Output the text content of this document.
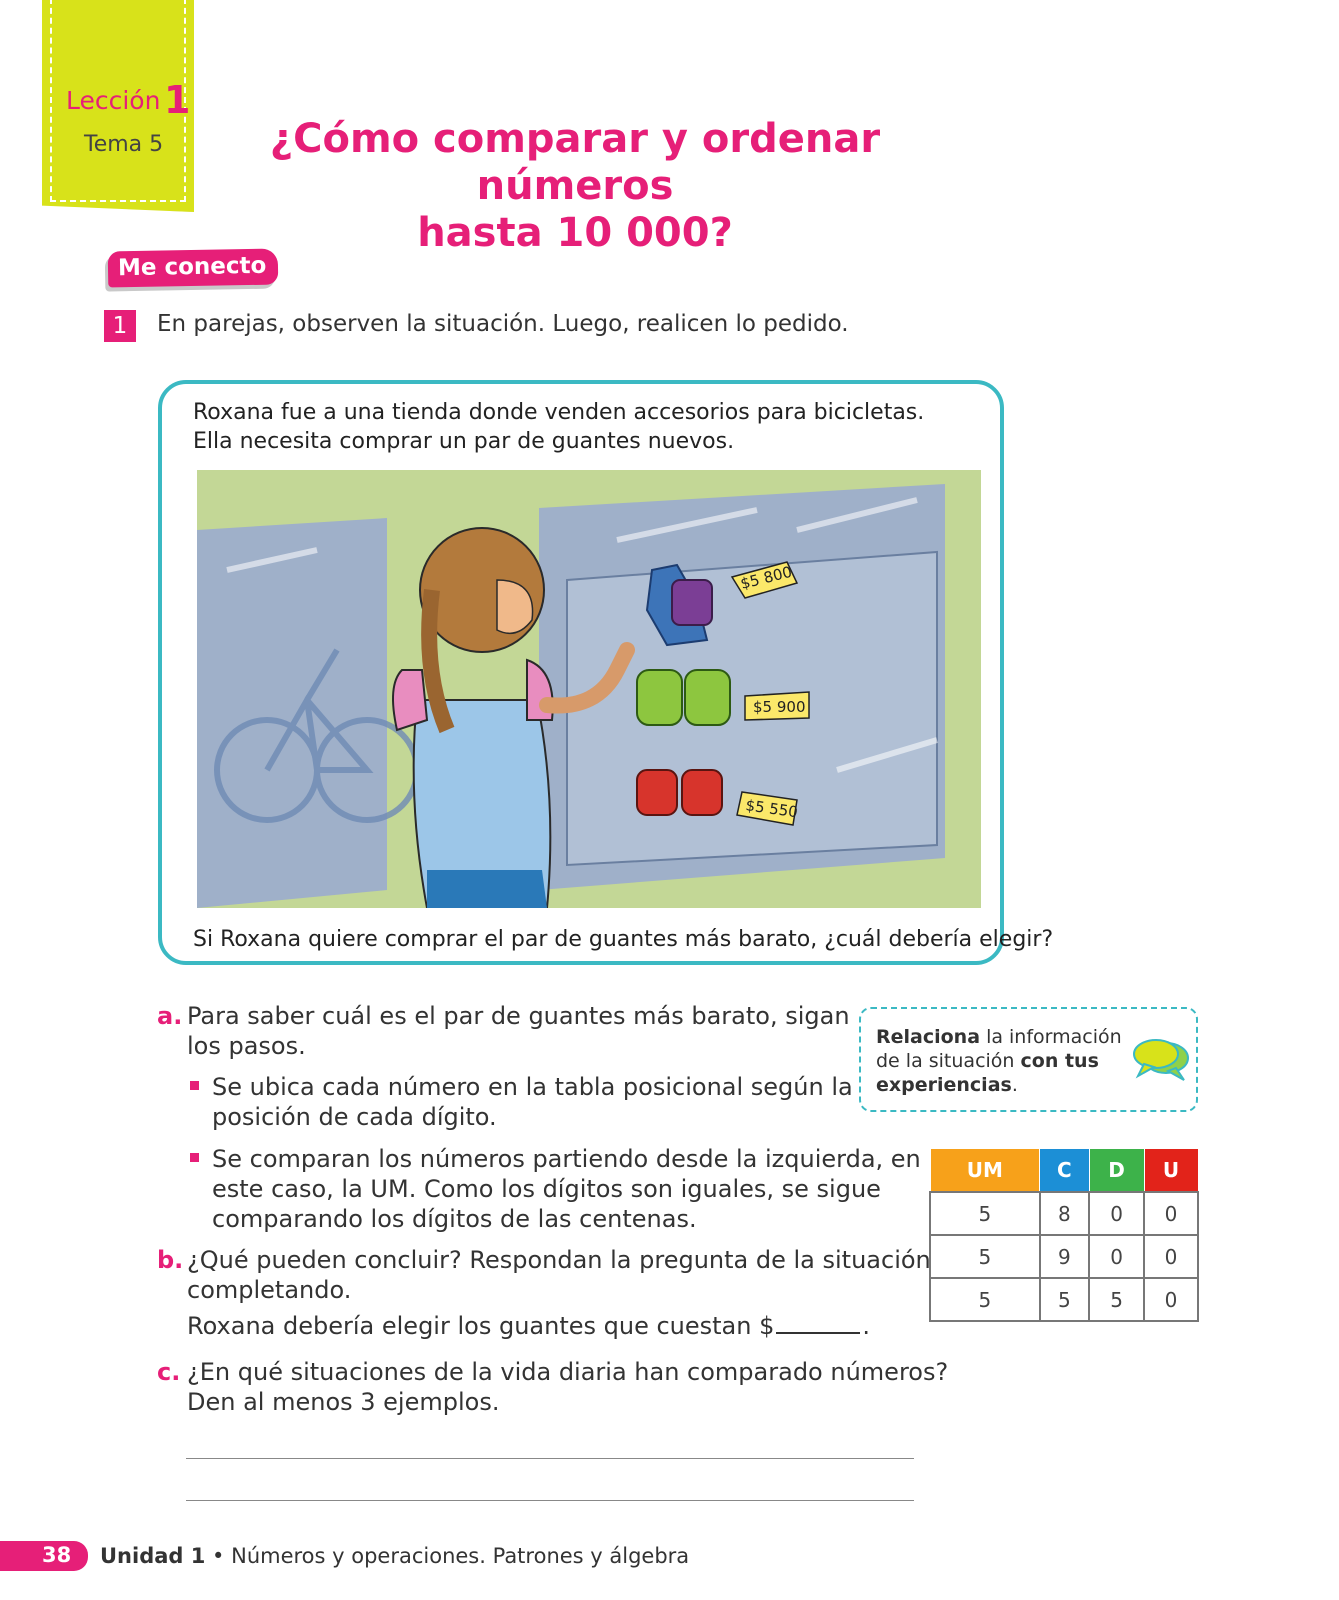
Lección 1
Tema 5	¿Cómo comparar y ordenar números
hasta 10 000?
Me conecto
1	En parejas, observen la situación. Luego, realicen lo pedido.
Roxana fue a una tienda donde venden accesorios para bicicletas.
Ella necesita comprar un par de guantes nuevos.
$5 800
$5 900
$5 550
Si Roxana quiere comprar el par de guantes más barato, ¿cuál debería elegir?
a. Para saber cuál es el par de guantes más barato, sigan
los pasos.
Se ubica cada número en la tabla posicional según la
posición de cada dígito.
Se comparan los números partiendo desde la izquierda, en
este caso, la UM. Como los dígitos son iguales, se sigue
comparando los dígitos de las centenas.
b. ¿Qué pueden concluir? Respondan la pregunta de la situación
completando.
Roxana debería elegir los guantes que cuestan $	.
c. ¿En qué situaciones de la vida diaria han comparado números?
Den al menos 3 ejemplos.
Relaciona la información
de la situación con tus
experiencias.
UM	C	D	U
5	8	0	0
5	9	0	0
5	5	5	0
38 Unidad 1 • Números y operaciones. Patrones y álgebra
